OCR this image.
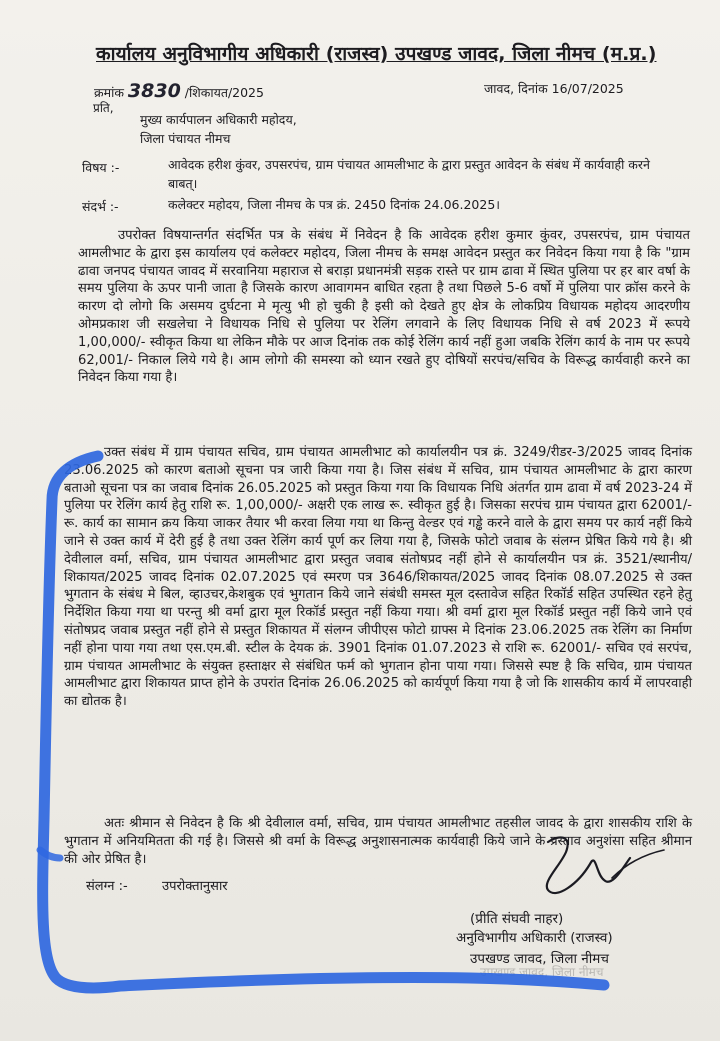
कार्यालय अनुविभागीय अधिकारी (राजस्व) उपखण्ड जावद, जिला नीमच (म.प्र.)
क्रमांक 3830 /शिकायत/2025	जावद, दिनांक 16/07/2025
प्रति,
मुख्य कार्यपालन अधिकारी महोदय,
जिला पंचायत नीमच
विषय :-	आवेदक हरीश कुंवर, उपसरपंच, ग्राम पंचायत आमलीभाट के द्वारा प्रस्तुत आवेदन के संबंध में कार्यवाही करने बाबत्।
संदर्भ :-	कलेक्टर महोदय, जिला नीमच के पत्र क्रं. 2450 दिनांक 24.06.2025।
उपरोक्त विषयान्तर्गत संदर्भित पत्र के संबंध में निवेदन है कि आवेदक हरीश कुमार कुंवर, उपसरपंच, ग्राम पंचायत आमलीभाट के द्वारा इस कार्यालय एवं कलेक्टर महोदय, जिला नीमच के समक्ष आवेदन प्रस्तुत कर निवेदन किया गया है कि "ग्राम ढावा जनपद पंचायत जावद में सरवानिया महाराज से बराड़ा प्रधानमंत्री सड़क रास्ते पर ग्राम ढावा में स्थित पुलिया पर हर बार वर्षा के समय पुलिया के ऊपर पानी जाता है जिसके कारण आवागमन बाधित रहता है तथा पिछले 5-6 वर्षो में पुलिया पार क्रॉस करने के कारण दो लोगो कि असमय दुर्घटना मे मृत्यु भी हो चुकी है इसी को देखते हुए क्षेत्र के लोकप्रिय विधायक महोदय आदरणीय ओमप्रकाश जी सखलेचा ने विधायक निधि से पुलिया पर रेलिंग लगवाने के लिए विधायक निधि से वर्ष 2023 में रूपये 1,00,000/- स्वीकृत किया था लेकिन मौके पर आज दिनांक तक कोई रेलिंग कार्य नहीं हुआ जबकि रेलिंग कार्य के नाम पर रूपये 62,001/- निकाल लिये गये है। आम लोगो की समस्या को ध्यान रखते हुए दोषियों सरपंच/सचिव के विरूद्ध कार्यवाही करने का निवेदन किया गया है।
उक्त संबंध में ग्राम पंचायत सचिव, ग्राम पंचायत आमलीभाट को कार्यालयीन पत्र क्रं. 3249/रीडर-3/2025 जावद दिनांक 23.06.2025 को कारण बताओ सूचना पत्र जारी किया गया है। जिस संबंध में सचिव, ग्राम पंचायत आमलीभाट के द्वारा कारण बताओ सूचना पत्र का जवाब दिनांक 26.05.2025 को प्रस्तुत किया गया कि विधायक निधि अंतर्गत ग्राम ढावा में वर्ष 2023-24 में पुलिया पर रेलिंग कार्य हेतु राशि रू. 1,00,000/- अक्षरी एक लाख रू. स्वीकृत हुई है। जिसका सरपंच ग्राम पंचायत द्वारा 62001/- रू. कार्य का सामान क्रय किया जाकर तैयार भी करवा लिया गया था किन्तु वेल्डर एवं गड्ढे करने वाले के द्वारा समय पर कार्य नहीं किये जाने से उक्त कार्य में देरी हुई है तथा उक्त रेलिंग कार्य पूर्ण कर लिया गया है, जिसके फोटो जवाब के संलग्न प्रेषित किये गये है। श्री देवीलाल वर्मा, सचिव, ग्राम पंचायत आमलीभाट द्वारा प्रस्तुत जवाब संतोषप्रद नहीं होने से कार्यालयीन पत्र क्रं. 3521/स्थानीय/शिकायत/2025 जावद दिनांक 02.07.2025 एवं स्मरण पत्र 3646/शिकायत/2025 जावद दिनांक 08.07.2025 से उक्त भुगतान के संबंध मे बिल, व्हाउचर,केशबुक एवं भुगतान किये जाने संबंधी समस्त मूल दस्तावेज सहित रिकॉर्ड सहित उपस्थित रहने हेतु निर्देशित किया गया था परन्तु श्री वर्मा द्वारा मूल रिकॉर्ड प्रस्तुत नहीं किया गया। श्री वर्मा द्वारा मूल रिकॉर्ड प्रस्तुत नहीं किये जाने एवं संतोषप्रद जवाब प्रस्तुत नहीं होने से प्रस्तुत शिकायत में संलग्न जीपीएस फोटो ग्राफ्स मे दिनांक 23.06.2025 तक रेलिंग का निर्माण नहीं होना पाया गया तथा एस.एम.बी. स्टील के देयक क्रं. 3901 दिनांक 01.07.2023 से राशि रू. 62001/- सचिव एवं सरपंच, ग्राम पंचायत आमलीभाट के संयुक्त हस्ताक्षर से संबंधित फर्म को भुगतान होना पाया गया। जिससे स्पष्ट है कि सचिव, ग्राम पंचायत आमलीभाट द्वारा शिकायत प्राप्त होने के उपरांत दिनांक 26.06.2025 को कार्यपूर्ण किया गया है जो कि शासकीय कार्य में लापरवाही का द्योतक है।
अतः श्रीमान से निवेदन है कि श्री देवीलाल वर्मा, सचिव, ग्राम पंचायत आमलीभाट तहसील जावद के द्वारा शासकीय राशि के भुगतान में अनियमितता की गई है। जिससे श्री वर्मा के विरूद्ध अनुशासनात्मक कार्यवाही किये जाने के प्रस्ताव अनुशंसा सहित श्रीमान की ओर प्रेषित है।
संलग्न :-	उपरोक्तानुसार
(प्रीति संघवी नाहर)
अनुविभागीय अधिकारी (राजस्व)
उपखण्ड जावद, जिला नीमच
उपखण्ड जावद, जिला नीमच
